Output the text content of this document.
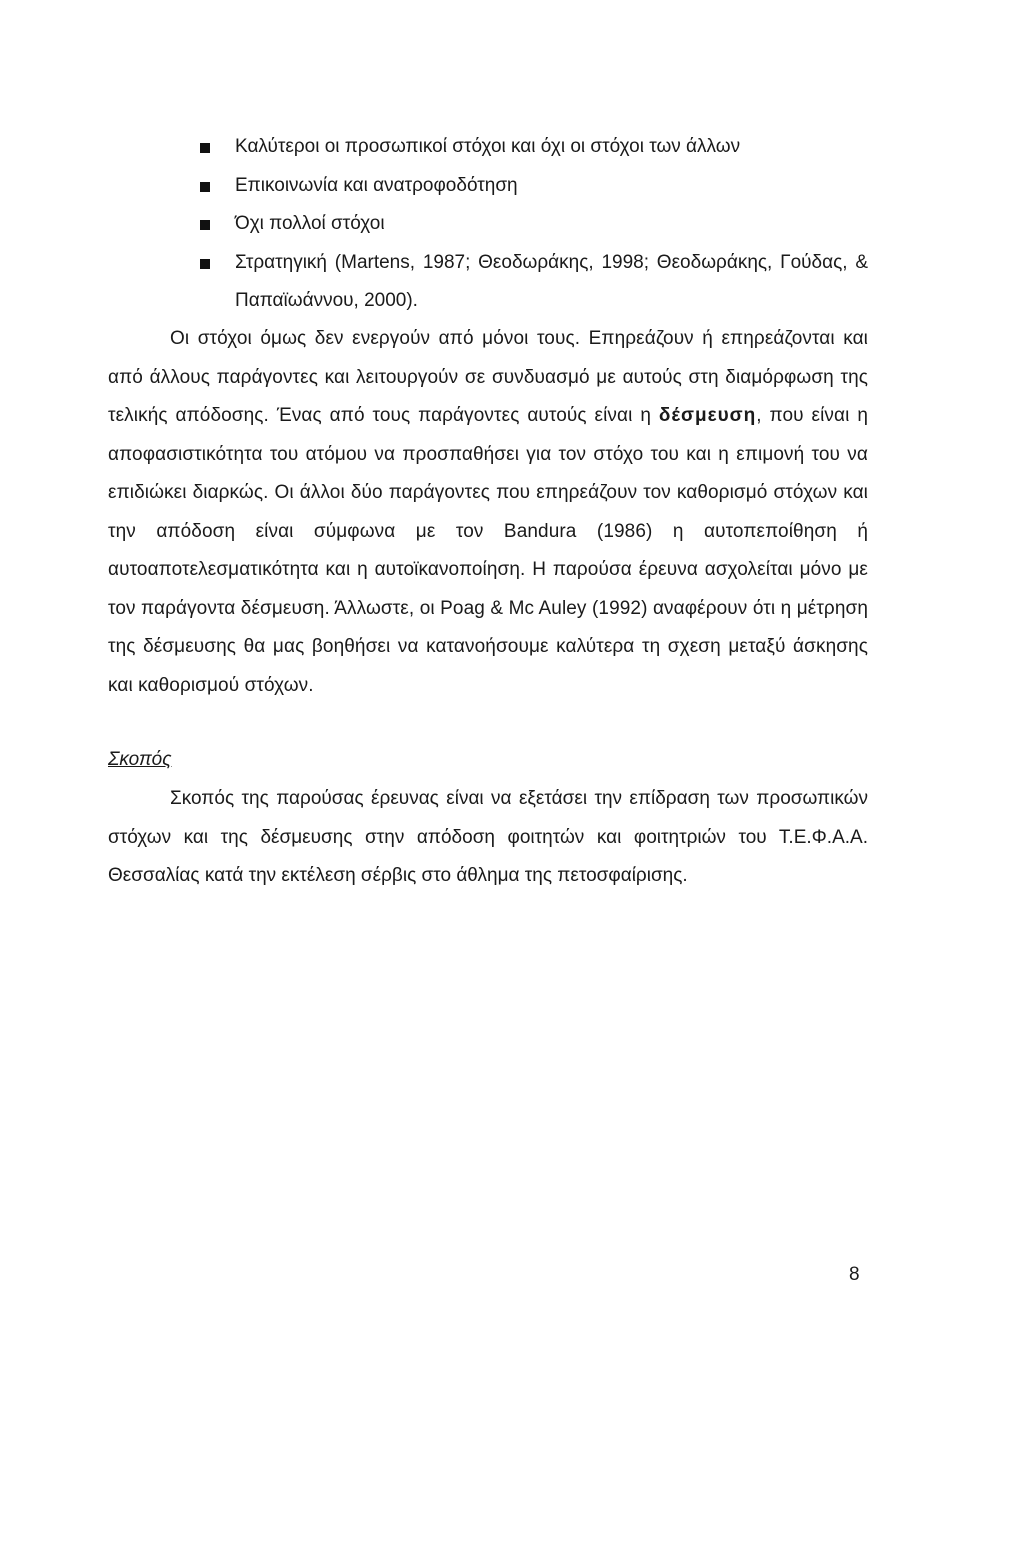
Καλύτεροι οι προσωπικοί στόχοι και όχι οι στόχοι των άλλων
Επικοινωνία και ανατροφοδότηση
Όχι πολλοί στόχοι
Στρατηγική (Martens, 1987; Θεοδωράκης, 1998; Θεοδωράκης, Γούδας, & Παπαϊωάννου, 2000).

Οι στόχοι όμως δεν ενεργούν από μόνοι τους. Επηρεάζουν ή επηρεάζονται και από άλλους παράγοντες και λειτουργούν σε συνδυασμό με αυτούς στη διαμόρφωση της τελικής απόδοσης. Ένας από τους παράγοντες αυτούς είναι η δέσμευση, που είναι η αποφασιστικότητα του ατόμου να προσπαθήσει για τον στόχο του και η επιμονή του να επιδιώκει διαρκώς. Οι άλλοι δύο παράγοντες που επηρεάζουν τον καθορισμό στόχων και την απόδοση είναι σύμφωνα με τον Bandura (1986) η αυτοπεποίθηση ή αυτοαποτελεσματικότητα και η αυτοϊκανοποίηση. Η παρούσα έρευνα ασχολείται μόνο με τον παράγοντα δέσμευση. Άλλωστε, οι Poag & Mc Auley (1992) αναφέρουν ότι η μέτρηση της δέσμευσης θα μας βοηθήσει να κατανοήσουμε καλύτερα τη σχεση μεταξύ άσκησης και καθορισμού στόχων.

Σκοπός

Σκοπός της παρούσας έρευνας είναι να εξετάσει την επίδραση των προσωπικών στόχων και της δέσμευσης στην απόδοση φοιτητών και φοιτητριών του Τ.Ε.Φ.Α.Α. Θεσσαλίας κατά την εκτέλεση σέρβις στο άθλημα της πετοσφαίρισης.

8
